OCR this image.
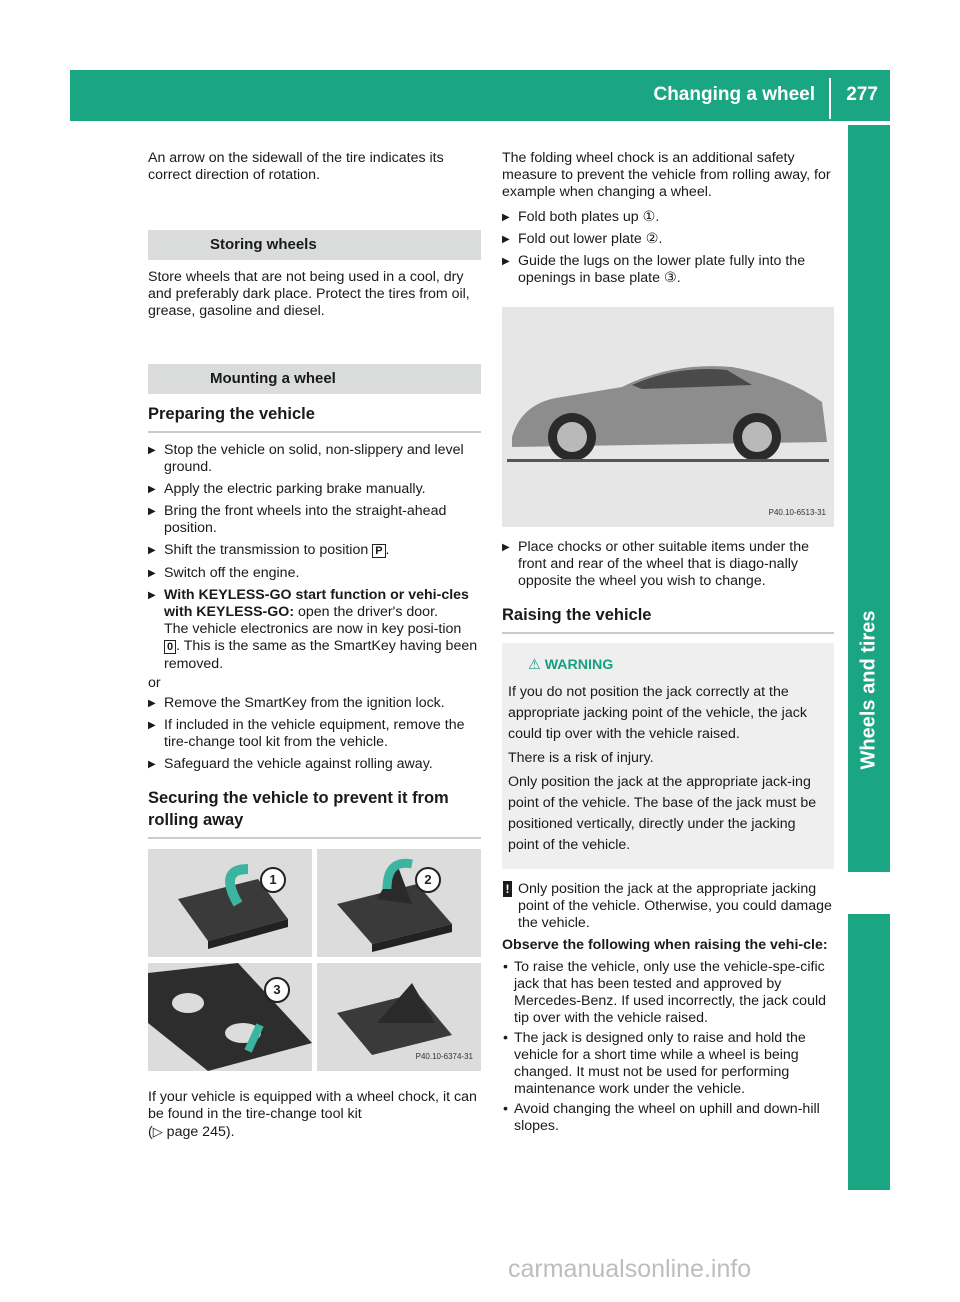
Changing a wheel 277
Wheels and tires

An arrow on the sidewall of the tire indicates its correct direction of rotation.

Storing wheels

Store wheels that are not being used in a cool, dry and preferably dark place. Protect the tires from oil, grease, gasoline and diesel.

Mounting a wheel
Preparing the vehicle
▶ Stop the vehicle on solid, non-slippery and level ground.
▶ Apply the electric parking brake manually.
▶ Bring the front wheels into the straight-ahead position.
▶ Shift the transmission to position P .
▶ Switch off the engine.
▶ With KEYLESS-GO start function or vehi-cles with KEYLESS-GO: open the driver's door.
The vehicle electronics are now in key posi-tion 0 . This is the same as the SmartKey having been removed.

or

▶ Remove the SmartKey from the ignition lock.
▶ If included in the vehicle equipment, remove the tire-change tool kit from the vehicle.
▶ Safeguard the vehicle against rolling away.
Securing the vehicle to prevent it from rolling away
1	2
3
P40.10-6374-31

If your vehicle is equipped with a wheel chock, it can be found in the tire-change tool kit
(▷ page 245).

The folding wheel chock is an additional safety measure to prevent the vehicle from rolling away, for example when changing a wheel.

▶ Fold both plates up ①.
▶ Fold out lower plate ②.
▶ Guide the lugs on the lower plate fully into the openings in base plate ③.
P40.10-6513-31
▶ Place chocks or other suitable items under the front and rear of the wheel that is diago-nally opposite the wheel you wish to change.
Raising the vehicle
⚠ WARNING

If you do not position the jack correctly at the appropriate jacking point of the vehicle, the jack could tip over with the vehicle raised.

There is a risk of injury.

Only position the jack at the appropriate jack-ing point of the vehicle. The base of the jack must be positioned vertically, directly under the jacking point of the vehicle.

! Only position the jack at the appropriate jacking point of the vehicle. Otherwise, you could damage the vehicle.

Observe the following when raising the vehi-cle:

• To raise the vehicle, only use the vehicle-spe-cific jack that has been tested and approved by Mercedes-Benz. If used incorrectly, the jack could tip over with the vehicle raised.
• The jack is designed only to raise and hold the vehicle for a short time while a wheel is being changed. It must not be used for performing maintenance work under the vehicle.
• Avoid changing the wheel on uphill and down-hill slopes.
carmanualsonline.info
